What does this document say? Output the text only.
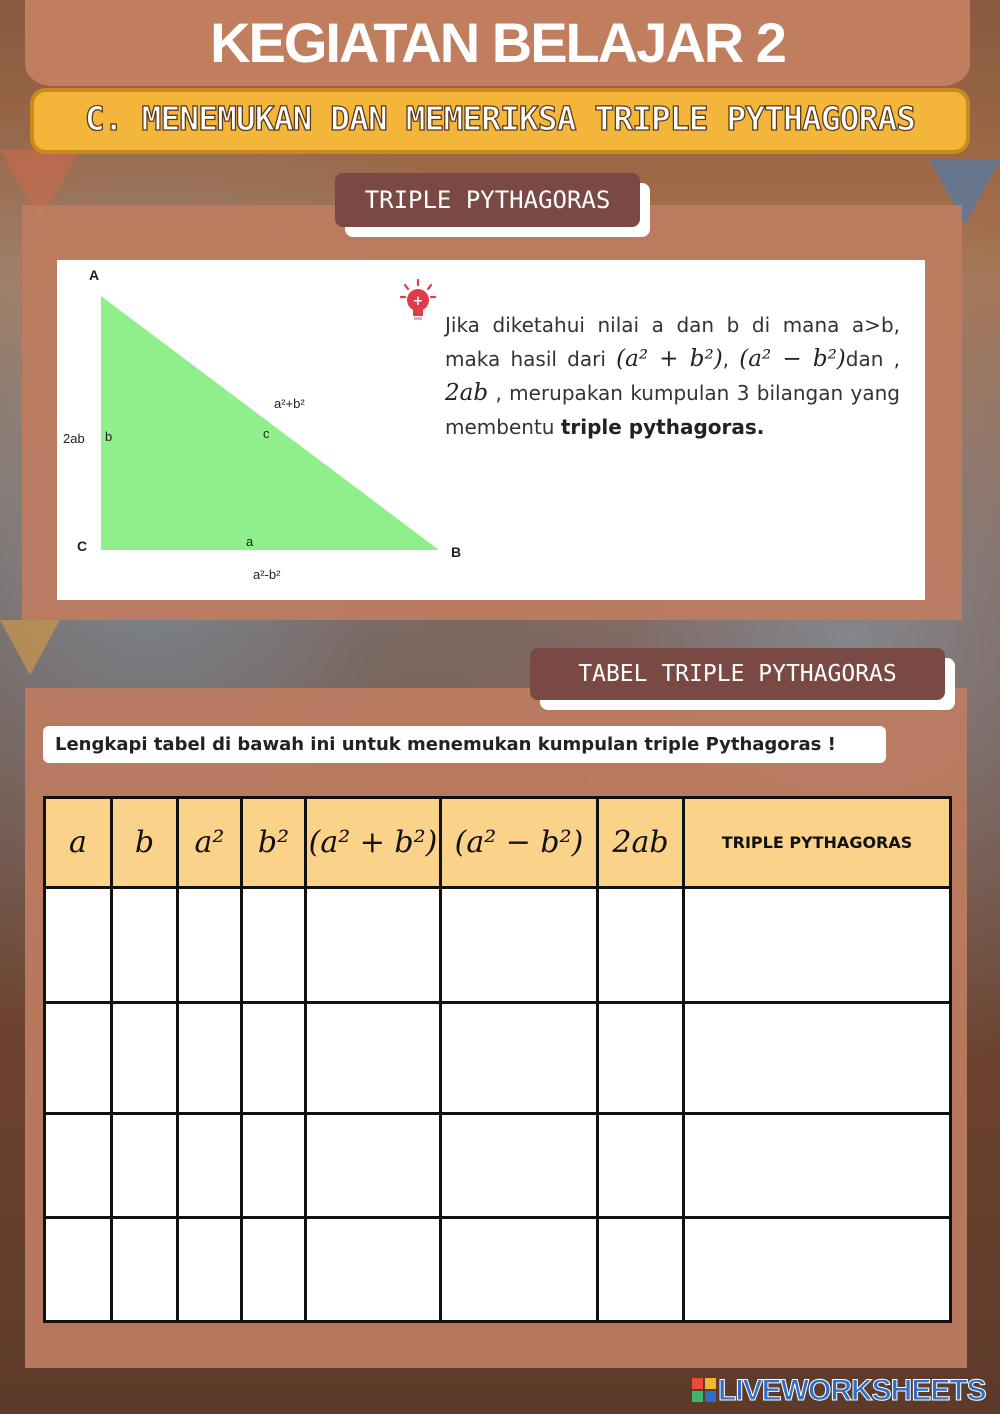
KEGIATAN BELAJAR 2
C. MENEMUKAN DAN MEMERIKSA TRIPLE PYTHAGORAS
TRIPLE PYTHAGORAS
A
B
C
2ab b
a²+b²
c
a
a²-b²
+
Jika diketahui nilai a dan b di mana a>b, maka hasil dari (a² + b²), (a² − b²)dan , 2ab , merupakan kumpulan 3 bilangan yang membentu triple pythagoras.
TABEL TRIPLE PYTHAGORAS
Lengkapi tabel di bawah ini untuk menemukan kumpulan triple Pythagoras !
a	b	a²	b²	(a² + b²)	(a² − b²)	2ab	TRIPLE PYTHAGORAS

LIVEWORKSHEETS
